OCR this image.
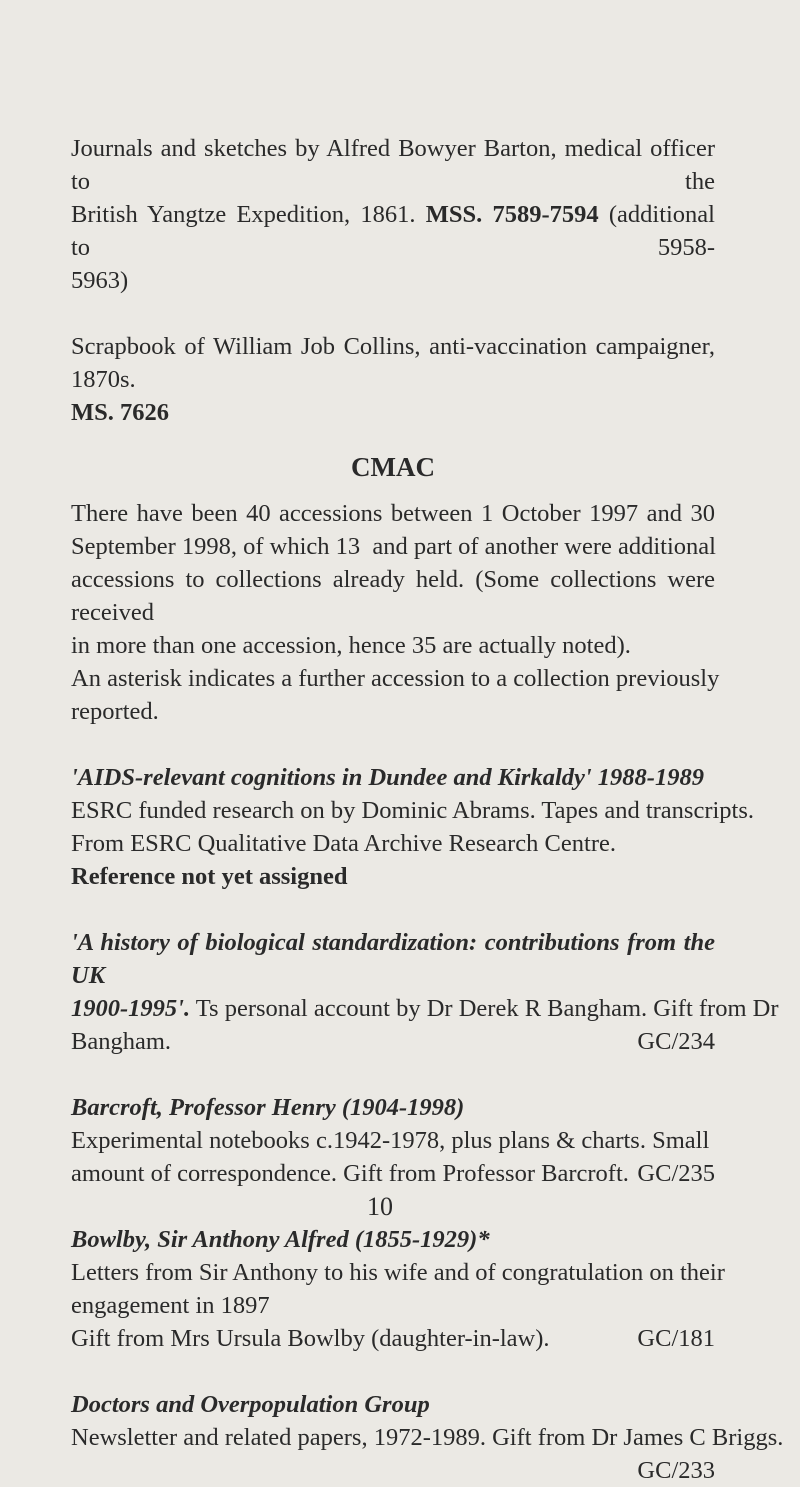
Journals and sketches by Alfred Bowyer Barton, medical officer to the
British Yangtze Expedition, 1861. MSS. 7589-7594 (additional to 5958-
5963)

Scrapbook of William Job Collins, anti-vaccination campaigner, 1870s.
MS. 7626

CMAC

There have been 40 accessions between 1 October 1997 and 30
September 1998, of which 13  and part of another were additional
accessions to collections already held. (Some collections were received
in more than one accession, hence 35 are actually noted).
An asterisk indicates a further accession to a collection previously
reported.

'AIDS-relevant cognitions in Dundee and Kirkaldy' 1988-1989
ESRC funded research on by Dominic Abrams. Tapes and transcripts.
From ESRC Qualitative Data Archive Research Centre.
Reference not yet assigned

'A history of biological standardization: contributions from the UK
1900-1995'. Ts personal account by Dr Derek R Bangham. Gift from Dr
Bangham.	GC/234

Barcroft, Professor Henry (1904-1998)
Experimental notebooks c.1942-1978, plus plans & charts. Small
amount of correspondence. Gift from Professor Barcroft. GC/235

Bowlby, Sir Anthony Alfred (1855-1929)*
Letters from Sir Anthony to his wife and of congratulation on their
engagement in 1897
Gift from Mrs Ursula Bowlby (daughter-in-law).	GC/181

Doctors and Overpopulation Group
Newsletter and related papers, 1972-1989. Gift from Dr James C Briggs.
GC/233

10
